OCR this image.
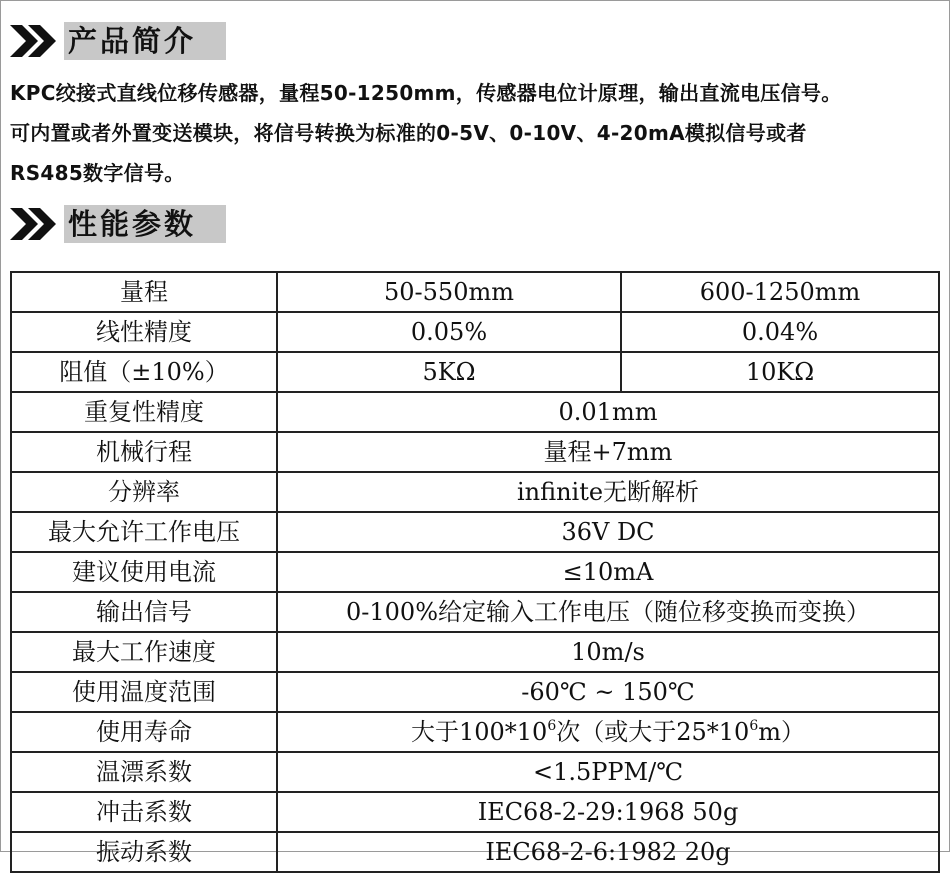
产品简介

KPC绞接式直线位移传感器，量程50-1250mm，传感器电位计原理，输出直流电压信号。

可内置或者外置变送模块，将信号转换为标准的0-5V、0-10V、4-20mA模拟信号或者

RS485数字信号。

性能参数
量程	50-550mm	600-1250mm
线性精度	0.05%	0.04%
阻值（±10%）	5KΩ	10KΩ
重复性精度	0.01mm	
机械行程	量程+7mm	
分辨率	infinite无断解析	
最大允许工作电压	36V DC	
建议使用电流	≤10mA	
输出信号	0-100%给定输入工作电压（随位移变换而变换）	
最大工作速度	10m/s	
使用温度范围	-60℃ ~ 150℃	
使用寿命	大于$100*10^6$次（或大于$25*10^6m$）	
温漂系数	<1.5PPM/℃	
冲击系数	IEC68-2-29:1968 50g	
振动系数	IEC68-2-6:1982 20g	
